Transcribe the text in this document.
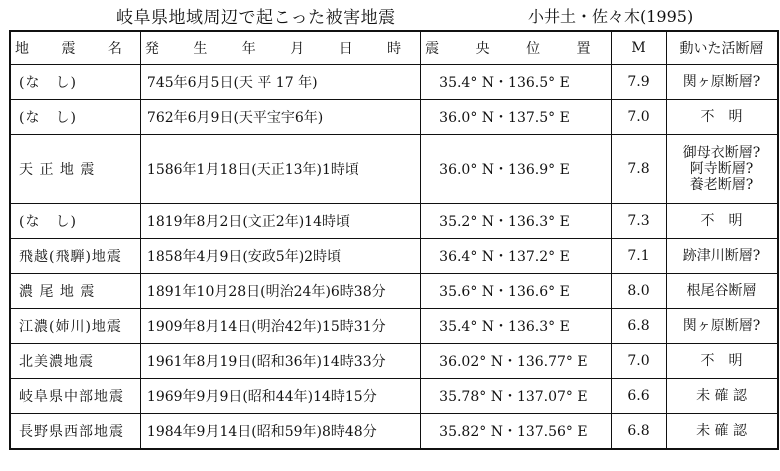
岐阜県地域周辺で起こった被害地震	小井土・佐々木(1995)
地 震 名	発 生 年 月 日 時	震 央 位 置	M	動いた活断層
(な　し)	745年6月5日(天 平 17 年)	35.4° N・136.5° E	7.9	関ヶ原断層?

(な　し)	762年6月9日(天平宝宇6年)	36.0° N・137.5° E	7.0	不　明

天 正 地 震	1586年1月18日(天正13年)1時頃	36.0° N・136.9° E	7.8	御母衣断層?
阿寺断層?
養老断層?

(な　し)	1819年8月2日(文正2年)14時頃	35.2° N・136.3° E	7.3	不　明

飛越(飛騨)地震	1858年4月9日(安政5年)2時頃	36.4° N・137.2° E	7.1	跡津川断層?

濃 尾 地 震	1891年10月28日(明治24年)6時38分	35.6° N・136.6° E	8.0	根尾谷断層

江濃(姉川)地震	1909年8月14日(明治42年)15時31分	35.4° N・136.3° E	6.8	関ヶ原断層?

北美濃地震	1961年8月19日(昭和36年)14時33分	36.02° N・136.77° E	7.0	不　明

岐阜県中部地震	1969年9月9日(昭和44年)14時15分	35.78° N・137.07° E	6.6	未 確 認

長野県西部地震	1984年9月14日(昭和59年)8時48分	35.82° N・137.56° E	6.8	未 確 認
